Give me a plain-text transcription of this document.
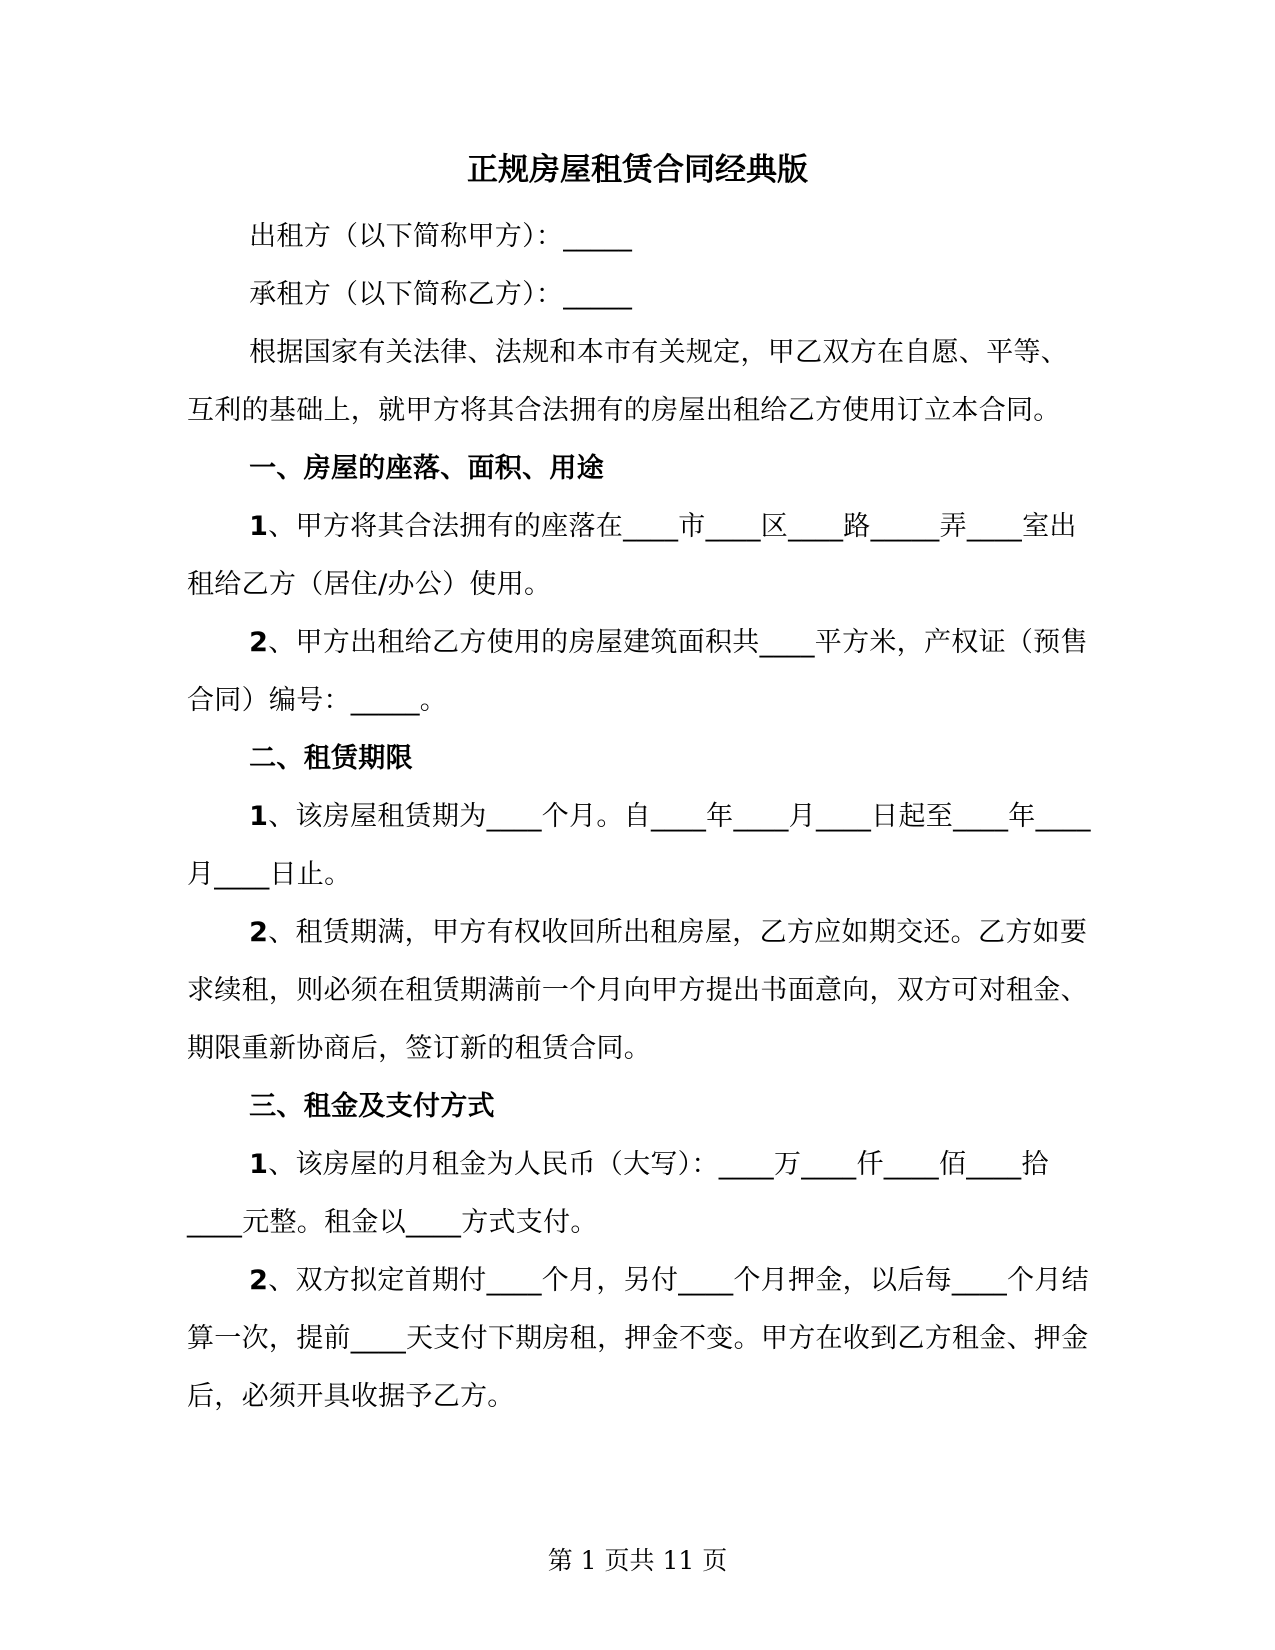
正规房屋租赁合同经典版

出租方（以下简称甲方）：_____

承租方（以下简称乙方）：_____

根据国家有关法律、法规和本市有关规定，甲乙双方在自愿、平等、互利的基础上，就甲方将其合法拥有的房屋出租给乙方使用订立本合同。

一、房屋的座落、面积、用途

1、甲方将其合法拥有的座落在____市____区____路_____弄____室出租给乙方（居住/办公）使用。

2、甲方出租给乙方使用的房屋建筑面积共____平方米，产权证（预售合同）编号：_____。

二、租赁期限

1、该房屋租赁期为____个月。自____年____月____日起至____年____月____日止。

2、租赁期满，甲方有权收回所出租房屋，乙方应如期交还。乙方如要求续租，则必须在租赁期满前一个月向甲方提出书面意向，双方可对租金、期限重新协商后，签订新的租赁合同。

三、租金及支付方式

1、该房屋的月租金为人民币（大写）：____万____仟____佰____拾____元整。租金以____方式支付。

2、双方拟定首期付____个月，另付____个月押金，以后每____个月结算一次，提前____天支付下期房租，押金不变。甲方在收到乙方租金、押金后，必须开具收据予乙方。

第 1 页共 11 页
